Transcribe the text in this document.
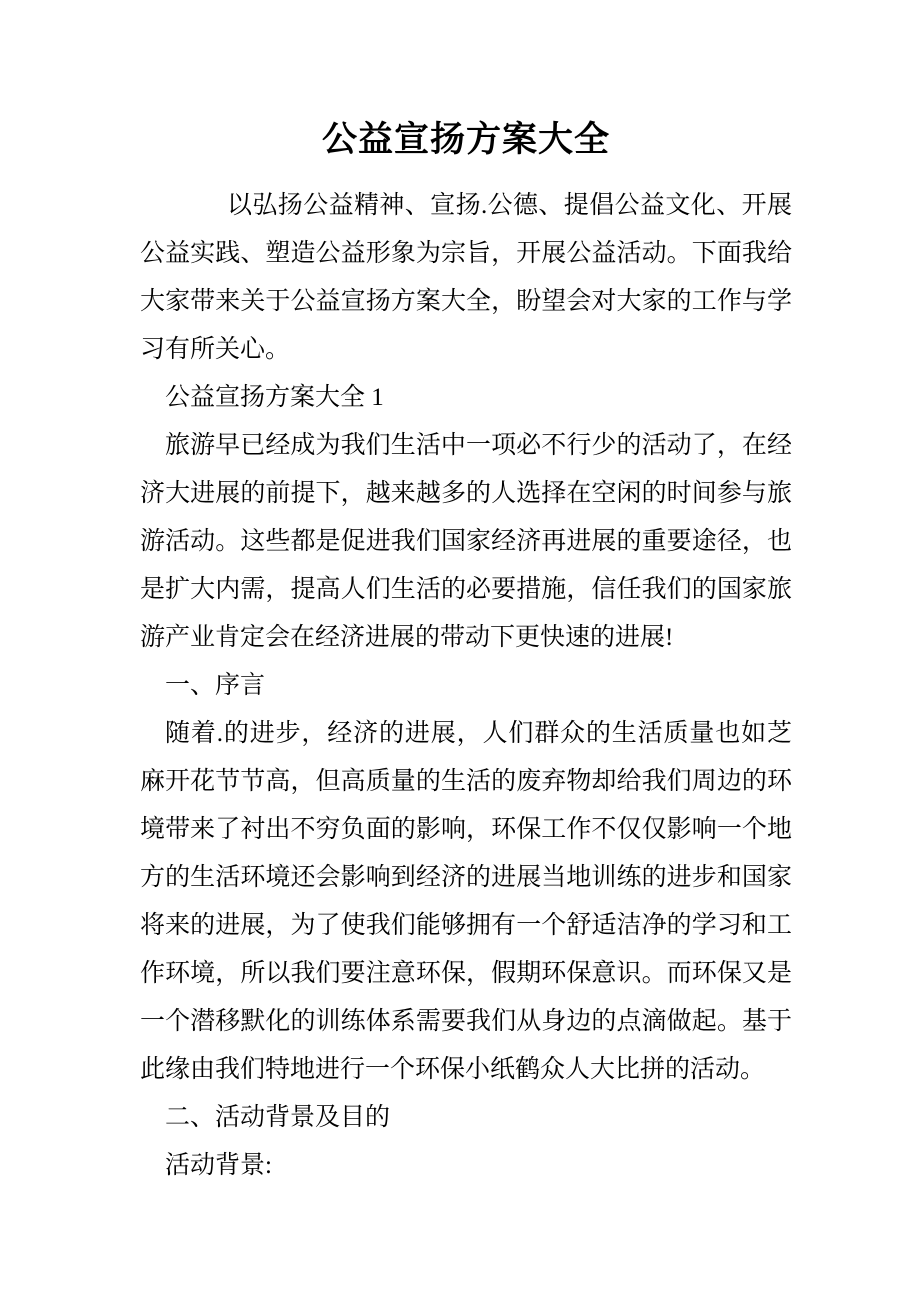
公益宣扬方案大全

以弘扬公益精神、宣扬.公德、提倡公益文化、开展公益实践、塑造公益形象为宗旨，开展公益活动。下面我给大家带来关于公益宣扬方案大全，盼望会对大家的工作与学习有所关心。

公益宣扬方案大全 1

旅游早已经成为我们生活中一项必不行少的活动了，在经济大进展的前提下，越来越多的人选择在空闲的时间参与旅游活动。这些都是促进我们国家经济再进展的重要途径，也是扩大内需，提高人们生活的必要措施，信任我们的国家旅游产业肯定会在经济进展的带动下更快速的进展!

一、序言

随着.的进步，经济的进展，人们群众的生活质量也如芝麻开花节节高，但高质量的生活的废弃物却给我们周边的环境带来了衬出不穷负面的影响，环保工作不仅仅影响一个地方的生活环境还会影响到经济的进展当地训练的进步和国家将来的进展，为了使我们能够拥有一个舒适洁净的学习和工作环境，所以我们要注意环保，假期环保意识。而环保又是一个潜移默化的训练体系需要我们从身边的点滴做起。基于此缘由我们特地进行一个环保小纸鹤众人大比拼的活动。

二、活动背景及目的

活动背景:
